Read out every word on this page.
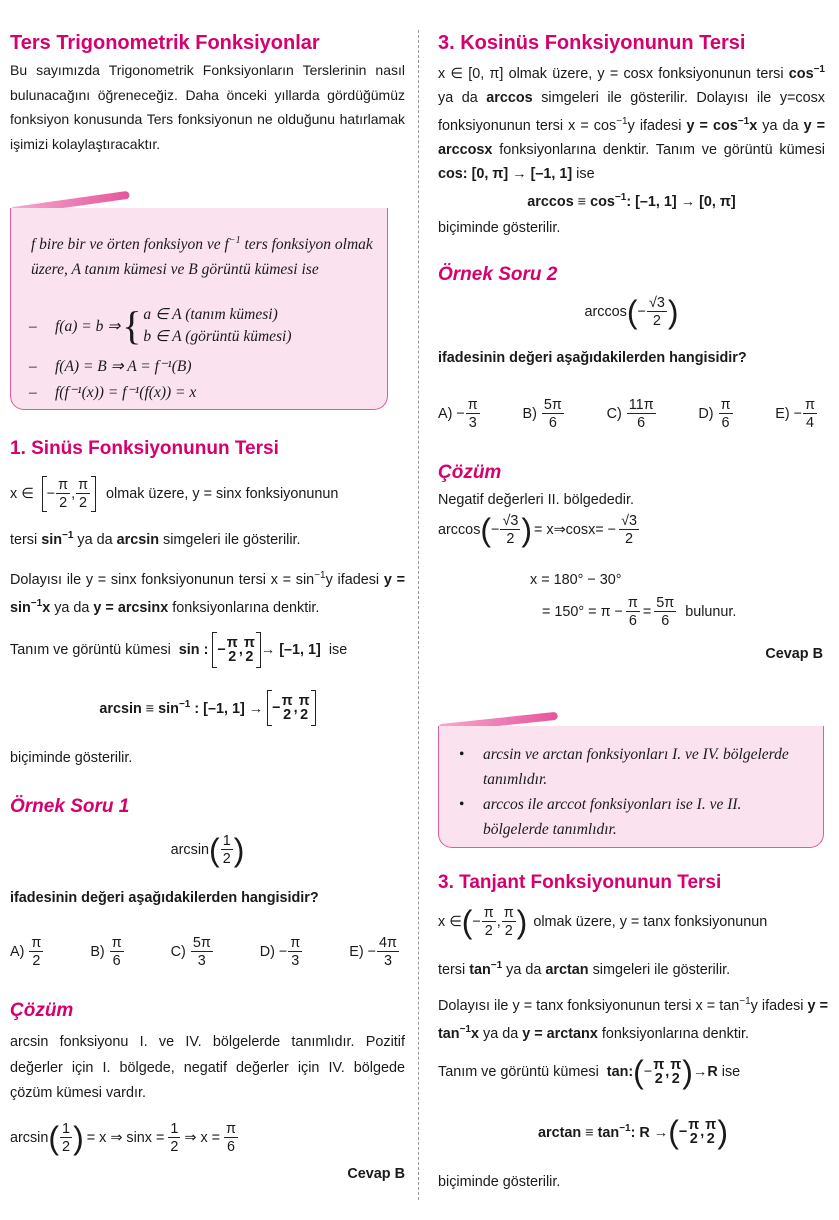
Ters Trigonometrik Fonksiyonlar
Bu sayımızda Trigonometrik Fonksiyonların Terslerinin nasıl bulunacağını öğreneceğiz. Daha önceki yıllarda gördüğümüz fonksiyon konusunda Ters fonksiyonun ne olduğunu hatırlamak işimizi kolaylaştıracaktır.
f bire bir ve örten fonksiyon ve $f^{-1}$ ters fonksiyon olmak üzere, A tanım kümesi ve B görüntü kümesi ise
–	f(a) = b ⇒ { a ∈ A (tanım kümesi)
b ∈ A (görüntü kümesi)
– f(A) = B ⇒ A = f⁻¹(B)
– f(f⁻¹(x)) = f⁻¹(f(x)) = x
1. Sinüs Fonksiyonunun Tersi
x ∈ − $\frac{\pi}{2}$ , $\frac{\pi}{2}$ olmak üzere, y = sinx fonksiyonunun
tersi $\sin^{-1}$ ya da arcsin simgeleri ile gösterilir.
Dolayısı ile y = sinx fonksiyonunun tersi $x = \sin^{-1}y$ ifadesi $y = \sin^{-1}x$ ya da y = arcsinx fonksiyonlarına denktir.
Tanım ve görüntü kümesi  sin : − π
2 , π
2 → [–1, 1]  ise
$\arcsin \equiv \sin^{-1}$ : [–1, 1] → − π
2 , π
2
biçiminde gösterilir.
Örnek Soru 1
arcsin ( $\frac{1}{2}$ )
ifadesinin değeri aşağıdakilerden hangisidir?
$A) \frac{\pi}{2}$	$B) \frac{\pi}{6}$	$C) \frac{5\pi}{3}$	$D) - \frac{\pi}{3}$	$E) - \frac{4\pi}{3}$
Çözüm
arcsin fonksiyonu I. ve IV. bölgelerde tanımlıdır. Pozitif değerler için I. bölgede, negatif değerler için IV. bölgede çözüm kümesi vardır.
arcsin ( $\frac{1}{2}$ ) = x ⇒ $\sin x = \frac{1}{2}$ ⇒ $x = \frac{\pi}{6}$
Cevap B
3. Kosinüs Fonksiyonunun Tersi
x ∈ [0, π] olmak üzere, y = cosx fonksiyonunun tersi $\cos^{-1}$ ya da arccos simgeleri ile gösterilir. Dolayısı ile y=cosx fonksiyonunun tersi $x = \cos^{-1}y$ ifadesi $y = \cos^{-1}x$ ya da y = arccosx fonksiyonlarına denktir. Tanım ve görüntü kümesi cos: [0, π] → [–1, 1] ise
$\arccos \equiv \cos^{-1}$: [–1, 1] → [0, π]
biçiminde gösterilir.
Örnek Soru 2
arccos ( − $\frac{√3}{2}$ )
ifadesinin değeri aşağıdakilerden hangisidir?
$A) - \frac{\pi}{3}$	$B) \frac{5\pi}{6}$	$C) \frac{11\pi}{6}$	$D) \frac{\pi}{6}$	$E) - \frac{\pi}{4}$
Çözüm
Negatif değerleri II. bölgededir.
arccos ( − $\frac{√3}{2}$ ) = x⇒cosx= − $\frac{√3}{2}$
x = 180° − 30°
= $150^\circ = \pi - \frac{\pi}{6} = \frac{5\pi}{6}$ bulunur.
Cevap B
•	arcsin ve arctan fonksiyonları I. ve IV. bölgelerde tanımlıdır.
•	arccos ile arccot fonksiyonları ise I. ve II. bölgelerde tanımlıdır.
3. Tanjant Fonksiyonunun Tersi
x ∈ ( − $\frac{\pi}{2}$ , $\frac{\pi}{2}$ ) olmak üzere, y = tanx fonksiyonunun
tersi $\tan^{-1}$ ya da arctan simgeleri ile gösterilir.
Dolayısı ile y = tanx fonksiyonunun tersi $x = \tan^{-1}y$ ifadesi $y = \tan^{-1}x$ ya da y = arctanx fonksiyonlarına denktir.
Tanım ve görüntü kümesi  tan: ( − π
2 , π
2 ) →R ise
$\arctan \equiv \tan^{-1}$: R → ( − π
2 , π
2 )
biçiminde gösterilir.
